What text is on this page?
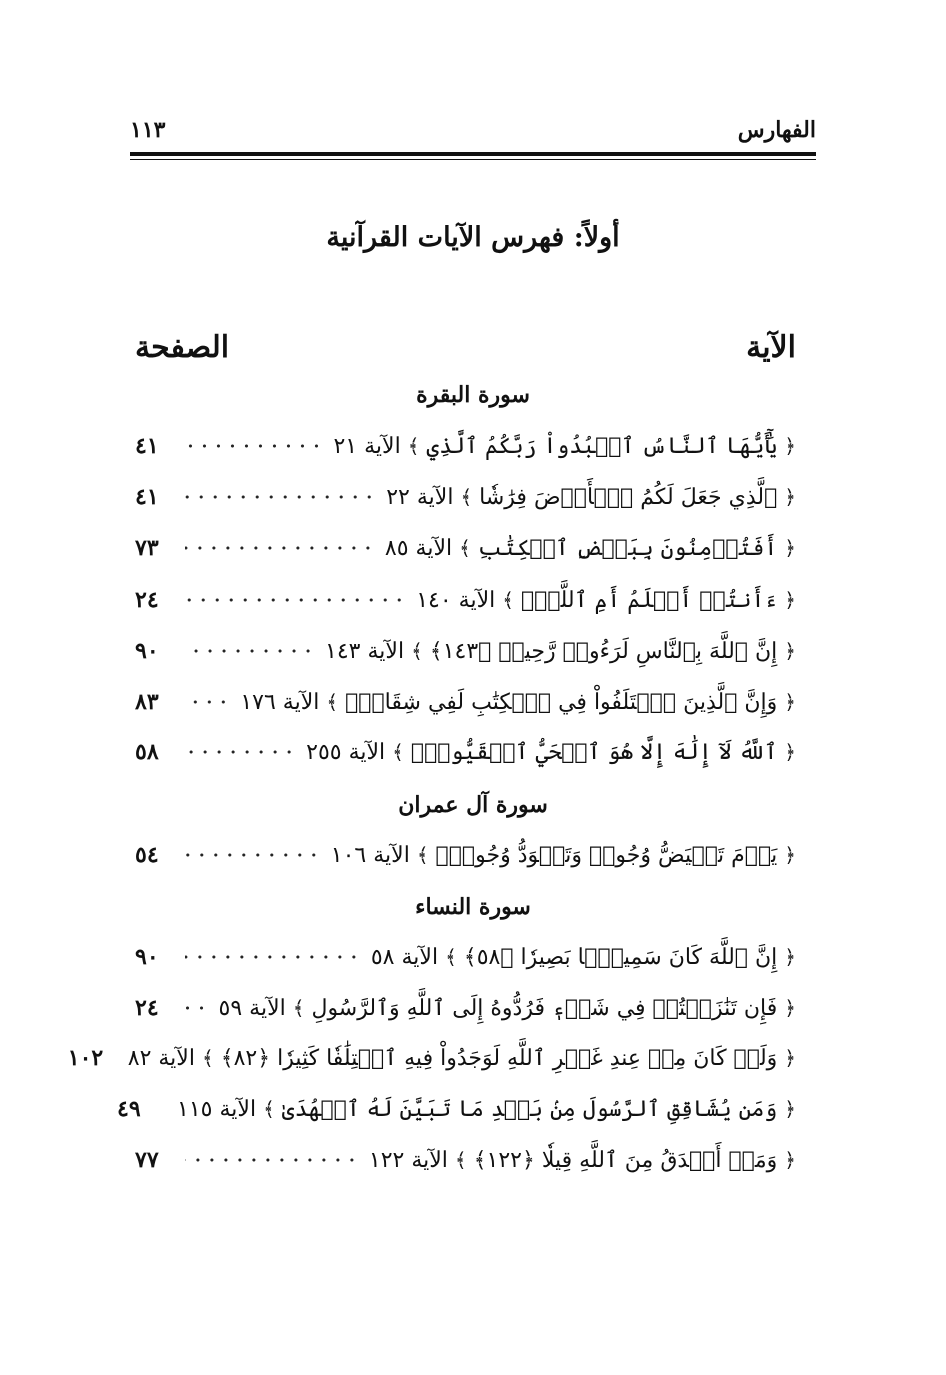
الفهارس
١١٣
أولاً: فهرس الآيات القرآنية
الآية
الصفحة
سورة البقرة
﴿ يَٰٓأَيُّهَا ٱلنَّاسُ ٱعۡبُدُواْ رَبَّكُمُ ٱلَّذِي ﴾ الآية ٢١
٤١
﴿ ٱلَّذِي جَعَلَ لَكُمُ ٱلۡأَرۡضَ فِرَٰشٗا ﴾ الآية ٢٢
٤١
﴿ أَفَتُؤۡمِنُونَ بِبَعۡضِ ٱلۡكِتَٰبِ ﴾ الآية ٨٥
٧٣
﴿ ءَأَنتُمۡ أَعۡلَمُ أَمِ ٱللَّهُۗ ﴾ الآية ١٤٠
٢٤
﴿ إِنَّ ٱللَّهَ بِٱلنَّاسِ لَرَءُوفٞ رَّحِيمٞ ﴿١٤٣﴾ ﴾ الآية ١٤٣
٩٠
﴿ وَإِنَّ ٱلَّذِينَ ٱخۡتَلَفُواْ فِي ٱلۡكِتَٰبِ لَفِي شِقَاقِۭ ﴾ الآية ١٧٦
٨٣
﴿ ٱللَّهُ لَآ إِلَٰهَ إِلَّا هُوَ ٱلۡحَيُّ ٱلۡقَيُّومُۚ ﴾ الآية ٢٥٥
٥٨
سورة آل عمران
﴿ يَوۡمَ تَبۡيَضُّ وُجُوهٞ وَتَسۡوَدُّ وُجُوهٞۚ ﴾ الآية ١٠٦
٥٤
سورة النساء
﴿ إِنَّ ٱللَّهَ كَانَ سَمِيعَۢا بَصِيرٗا ﴿٥٨﴾ ﴾ الآية ٥٨
٩٠
﴿ فَإِن تَنَٰزَعۡتُمۡ فِي شَيۡءٖ فَرُدُّوهُ إِلَى ٱللَّهِ وَٱلرَّسُولِ ﴾ الآية ٥٩
٢٤
﴿ وَلَوۡ كَانَ مِنۡ عِندِ غَيۡرِ ٱللَّهِ لَوَجَدُواْ فِيهِ ٱخۡتِلَٰفٗا كَثِيرٗا ﴿٨٢﴾ ﴾ الآية ٨٢
١٠٢
﴿ وَمَن يُشَاقِقِ ٱلرَّسُولَ مِنۢ بَعۡدِ مَا تَبَيَّنَ لَهُ ٱلۡهُدَىٰ ﴾ الآية ١١٥
٤٩
﴿ وَمَنۡ أَصۡدَقُ مِنَ ٱللَّهِ قِيلٗا ﴿١٢٢﴾ ﴾ الآية ١٢٢
٧٧
